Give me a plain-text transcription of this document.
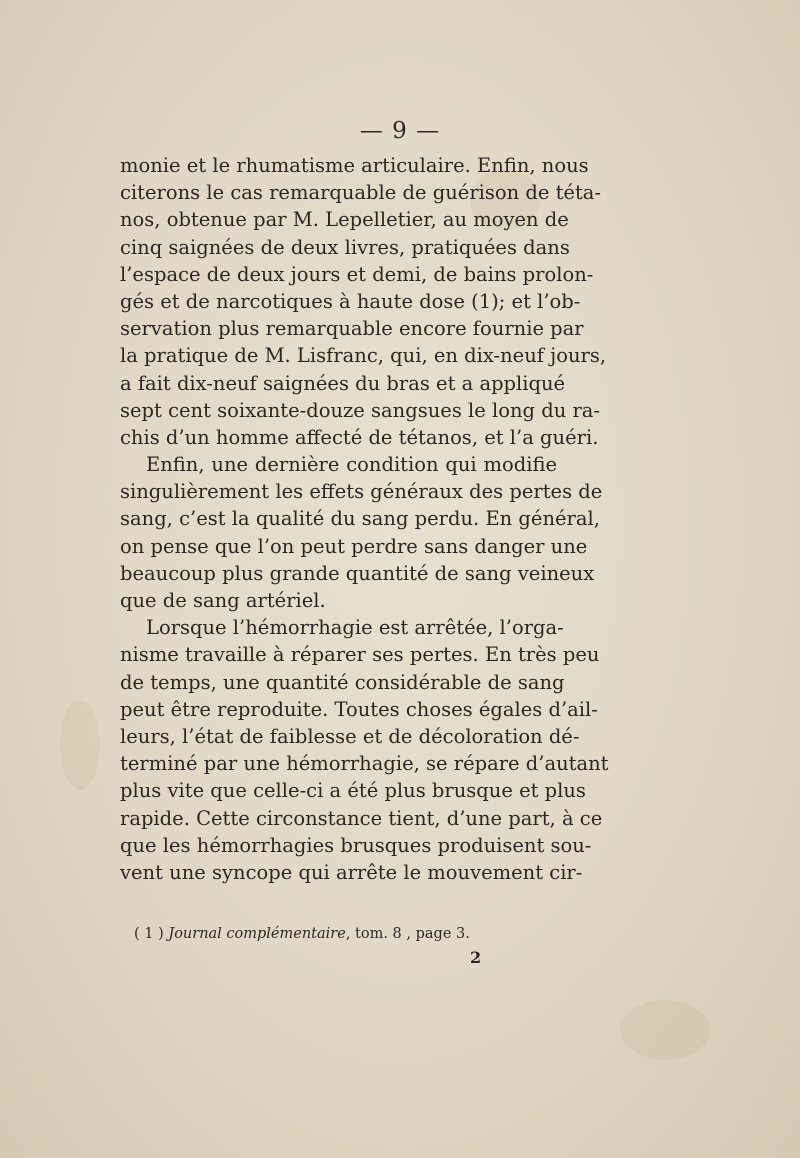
— 9 —
monie et le rhumatisme articulaire. Enfin, nous
citerons le cas remarquable de guérison de téta-
nos, obtenue par M. Lepelletier, au moyen de
cinq saignées de deux livres, pratiquées dans
l’espace de deux jours et demi, de bains prolon-
gés et de narcotiques à haute dose (1); et l’ob-
servation plus remarquable encore fournie par
la pratique de M. Lisfranc, qui, en dix-neuf jours,
a fait dix-neuf saignées du bras et a appliqué
sept cent soixante-douze sangsues le long du ra-
chis d’un homme affecté de tétanos, et l’a guéri.
Enfin, une dernière condition qui modifie
singulièrement les effets généraux des pertes de
sang, c’est la qualité du sang perdu. En général,
on pense que l’on peut perdre sans danger une
beaucoup plus grande quantité de sang veineux
que de sang artériel.
Lorsque l’hémorrhagie est arrêtée, l’orga-
nisme travaille à réparer ses pertes. En très peu
de temps, une quantité considérable de sang
peut être reproduite. Toutes choses égales d’ail-
leurs, l’état de faiblesse et de décoloration dé-
terminé par une hémorrhagie, se répare d’autant
plus vite que celle-ci a été plus brusque et plus
rapide. Cette circonstance tient, d’une part, à ce
que les hémorrhagies brusques produisent sou-
vent une syncope qui arrête le mouvement cir-
( 1 ) Journal complémentaire, tom. 8 , page 3.
2
